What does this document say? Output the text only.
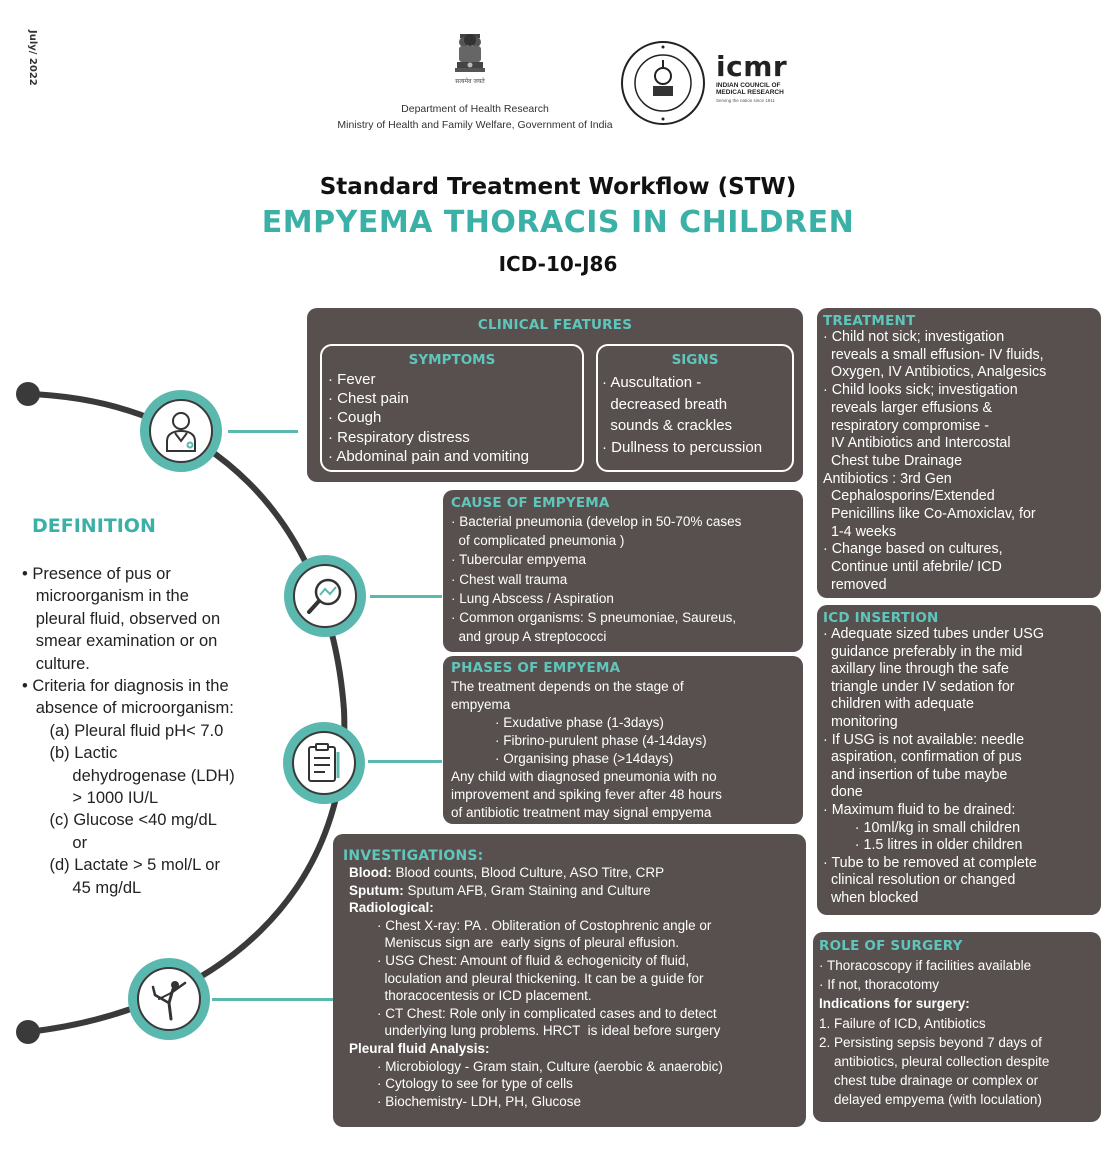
July/ 2022	सत्यमेव जयते
Department of Health Research
Ministry of Health and Family Welfare, Government of India
icmr
INDIAN COUNCIL OF
MEDICAL RESEARCH
Serving the nation since 1911
Standard Treatment Workflow (STW)
EMPYEMA THORACIS IN CHILDREN
ICD-10-J86
DEFINITION
• Presence of pus or
microorganism in the
pleural fluid, observed on
smear examination or on
culture.
• Criteria for diagnosis in the
absence of microorganism:
(a) Pleural fluid pH< 7.0
(b) Lactic
dehydrogenase (LDH)
> 1000 IU/L
(c) Glucose <40 mg/dL
or
(d) Lactate > 5 mol/L or
45 mg/dL
CLINICAL FEATURES
SYMPTOMS
· Fever
· Chest pain
· Cough
· Respiratory distress
· Abdominal pain and vomiting
SIGNS
· Auscultation -
decreased breath
sounds & crackles
· Dullness to percussion
CAUSE OF EMPYEMA
· Bacterial pneumonia (develop in 50-70% cases
of complicated pneumonia )
· Tubercular empyema
· Chest wall trauma
· Lung Abscess / Aspiration
· Common organisms: S pneumoniae, Saureus,
and group A streptococci
PHASES OF EMPYEMA
The treatment depends on the stage of
empyema
· Exudative phase (1-3days)
· Fibrino-purulent phase (4-14days)
· Organising phase (>14days)
Any child with diagnosed pneumonia with no
improvement and spiking fever after 48 hours
of antibiotic treatment may signal empyema
INVESTIGATIONS:
Blood: Blood counts, Blood Culture, ASO Titre, CRP
Sputum: Sputum AFB, Gram Staining and Culture
Radiological:
· Chest X-ray: PA . Obliteration of Costophrenic angle or
Meniscus sign are  early signs of pleural effusion.
· USG Chest: Amount of fluid & echogenicity of fluid,
loculation and pleural thickening. It can be a guide for
thoracocentesis or ICD placement.
· CT Chest: Role only in complicated cases and to detect
underlying lung problems. HRCT  is ideal before surgery
Pleural fluid Analysis:
· Microbiology - Gram stain, Culture (aerobic & anaerobic)
· Cytology to see for type of cells
· Biochemistry- LDH, PH, Glucose
TREATMENT
· Child not sick; investigation
reveals a small effusion- IV fluids,
Oxygen, IV Antibiotics, Analgesics
· Child looks sick; investigation
reveals larger effusions &
respiratory compromise -
IV Antibiotics and Intercostal
Chest tube Drainage
Antibiotics : 3rd Gen
Cephalosporins/Extended
Penicillins like Co-Amoxiclav, for
1-4 weeks
· Change based on cultures,
Continue until afebrile/ ICD
removed
ICD INSERTION
· Adequate sized tubes under USG
guidance preferably in the mid
axillary line through the safe
triangle under IV sedation for
children with adequate
monitoring
· If USG is not available: needle
aspiration, confirmation of pus
and insertion of tube maybe
done
· Maximum fluid to be drained:
· 10ml/kg in small children
· 1.5 litres in older children
· Tube to be removed at complete
clinical resolution or changed
when blocked
ROLE OF SURGERY
· Thoracoscopy if facilities available
· If not, thoracotomy
Indications for surgery:
1. Failure of ICD, Antibiotics
2. Persisting sepsis beyond 7 days of
antibiotics, pleural collection despite
chest tube drainage or complex or
delayed empyema (with loculation)
